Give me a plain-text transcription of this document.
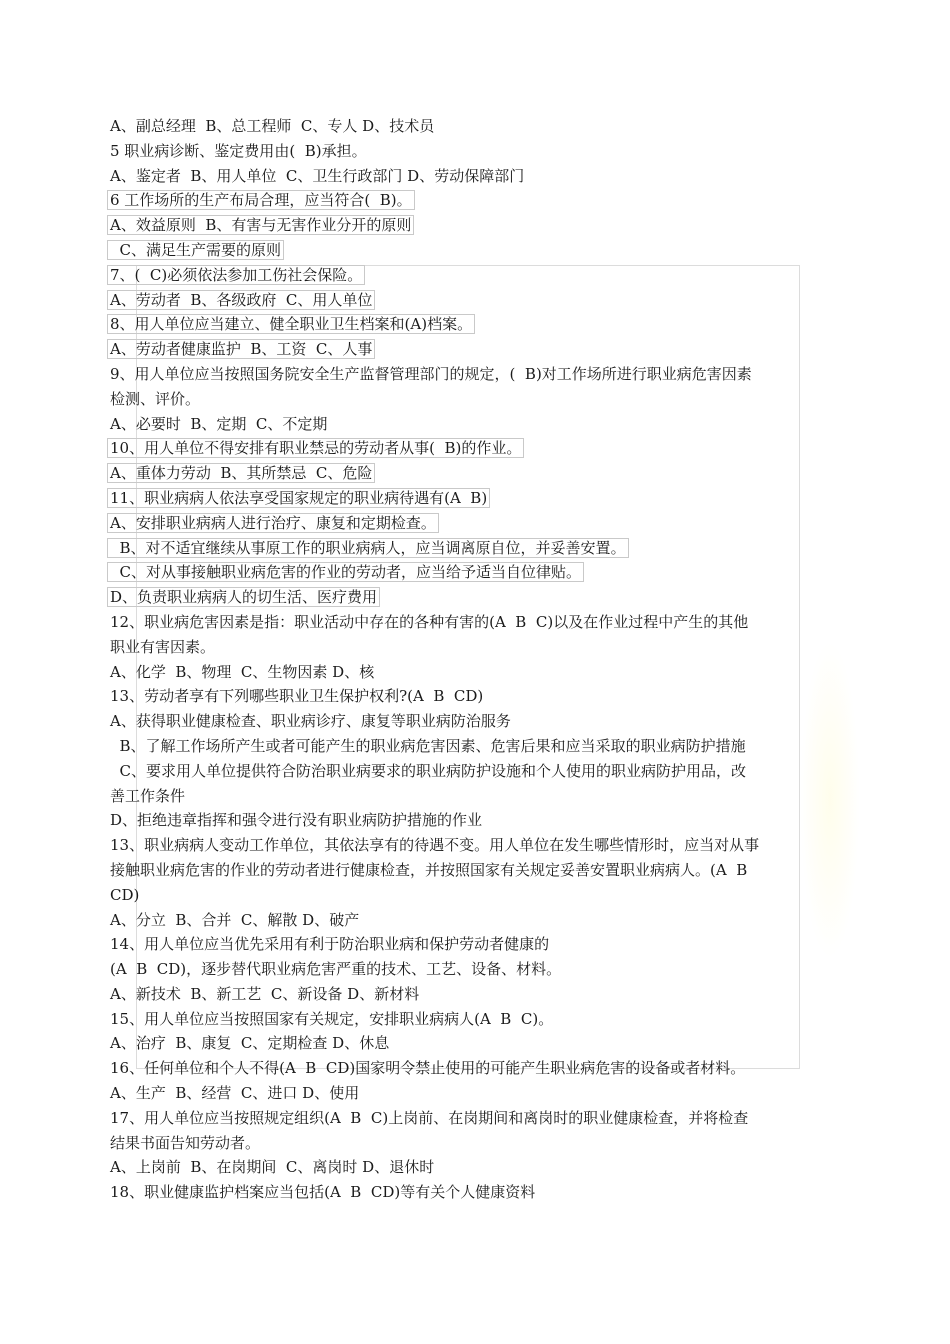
A、副总经理  B、总工程师  C、专人 D、技术员
5 职业病诊断、鉴定费用由(  B)承担。
A、鉴定者  B、用人单位  C、卫生行政部门 D、劳动保障部门
6 工作场所的生产布局合理，应当符合(  B)。
A、效益原则  B、有害与无害作业分开的原则
C、满足生产需要的原则
7、(  C)必须依法参加工伤社会保险。
A、劳动者  B、各级政府  C、用人单位
8、用人单位应当建立、健全职业卫生档案和(A)档案。
A、劳动者健康监护  B、工资  C、人事
9、用人单位应当按照国务院安全生产监督管理部门的规定，(  B)对工作场所进行职业病危害因素
检测、评价。
A、必要时  B、定期  C、不定期
10、用人单位不得安排有职业禁忌的劳动者从事(  B)的作业。
A、重体力劳动  B、其所禁忌  C、危险
11、职业病病人依法享受国家规定的职业病待遇有(A  B)
A、安排职业病病人进行治疗、康复和定期检查。
B、对不适宜继续从事原工作的职业病病人，应当调离原自位，并妥善安置。
C、对从事接触职业病危害的作业的劳动者，应当给予适当自位律贴。
D、负责职业病病人的切生活、医疗费用
12、职业病危害因素是指：职业活动中存在的各种有害的(A  B  C)以及在作业过程中产生的其他
职业有害因素。
A、化学  B、物理  C、生物因素 D、核
13、劳动者享有下列哪些职业卫生保护权利?(A  B  CD)
A、获得职业健康检查、职业病诊疗、康复等职业病防治服务
B、了解工作场所产生或者可能产生的职业病危害因素、危害后果和应当采取的职业病防护措施
C、要求用人单位提供符合防治职业病要求的职业病防护设施和个人使用的职业病防护用品，改
善工作条件
D、拒绝违章指挥和强令进行没有职业病防护措施的作业
13、职业病病人变动工作单位，其依法享有的待遇不变。用人单位在发生哪些情形时，应当对从事
接触职业病危害的作业的劳动者进行健康检查，并按照国家有关规定妥善安置职业病病人。(A  B
CD)
A、分立  B、合并  C、解散 D、破产
14、用人单位应当优先采用有利于防治职业病和保护劳动者健康的
(A  B  CD)，逐步替代职业病危害严重的技术、工艺、设备、材料。
A、新技术  B、新工艺  C、新设备 D、新材料
15、用人单位应当按照国家有关规定，安排职业病病人(A  B  C)。
A、治疗  B、康复  C、定期检查 D、休息
16、任何单位和个人不得(A  B  CD)国家明令禁止使用的可能产生职业病危害的设备或者材料。
A、生产  B、经营  C、进口 D、使用
17、用人单位应当按照规定组织(A  B  C)上岗前、在岗期间和离岗时的职业健康检查，并将检查
结果书面告知劳动者。
A、上岗前  B、在岗期间  C、离岗时 D、退休时
18、职业健康监护档案应当包括(A  B  CD)等有关个人健康资料
